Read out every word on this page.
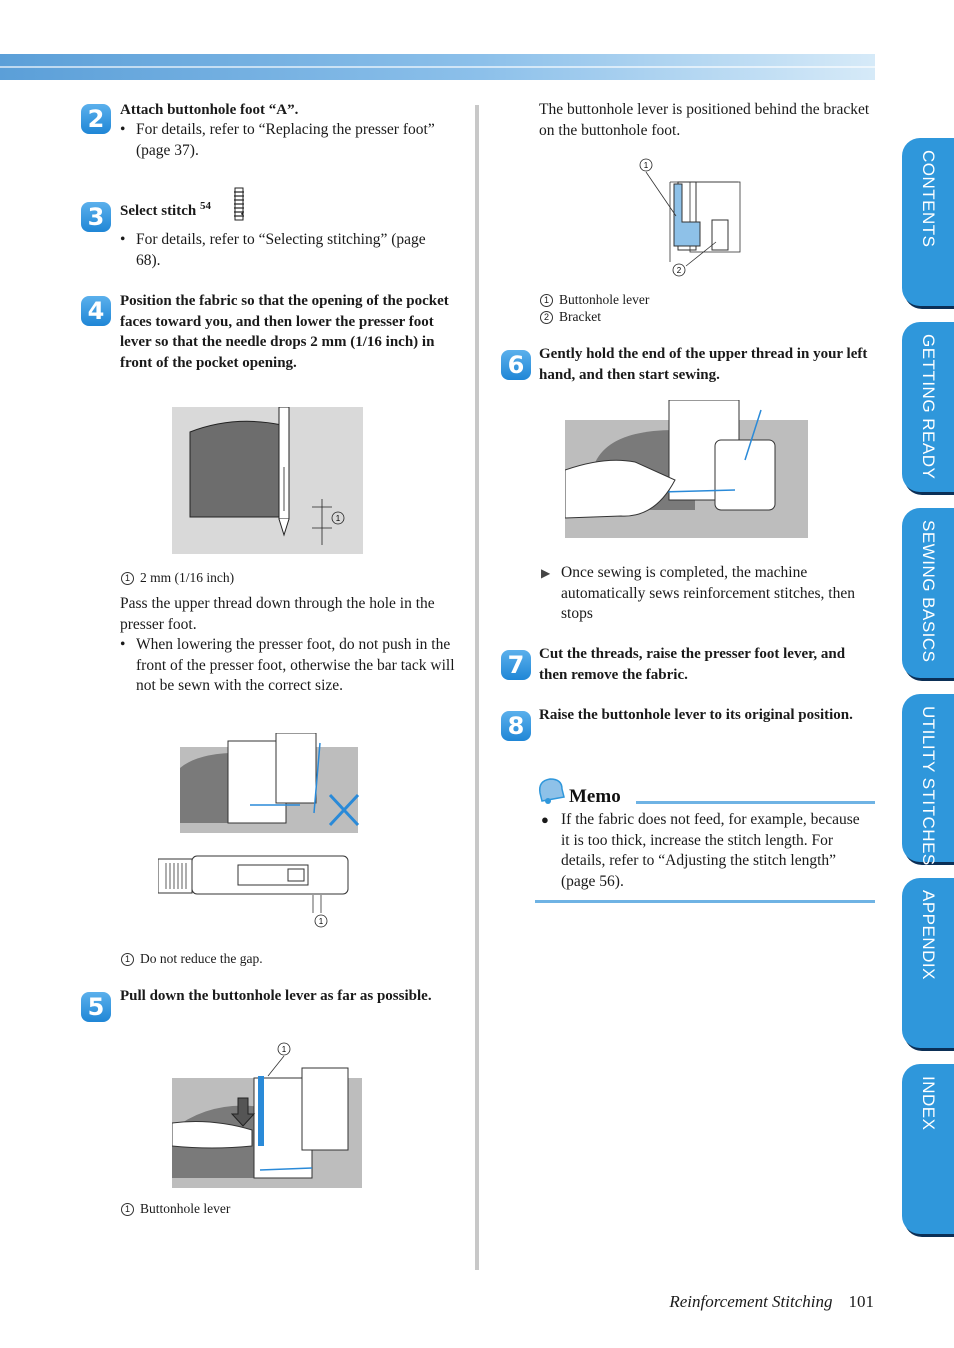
2	Attach buttonhole foot “A”.
• For details, refer to “Replacing the presser foot” (page 37).
3	Select stitch $^{54}$ .
• For details, refer to “Selecting stitching” (page 68).
4	Position the fabric so that the opening of the pocket faces toward you, and then lower the presser foot lever so that the needle drops 2 mm (1/16 inch) in front of the pocket opening.
1
1 2 mm (1/16 inch)
Pass the upper thread down through the hole in the presser foot.
• When lowering the presser foot, do not push in the front of the presser foot, otherwise the bar tack will not be sewn with the correct size.
1
1 Do not reduce the gap.
5	Pull down the buttonhole lever as far as possible.
1
1 Buttonhole lever
The buttonhole lever is positioned behind the bracket on the buttonhole foot.
1
2
1 Buttonhole lever
2 Bracket
6 Gently hold the end of the upper thread in your left hand, and then start sewing.
▶ Once sewing is completed, the machine automatically sews reinforcement stitches, then stops
7 Cut the threads, raise the presser foot lever, and then remove the fabric.
8 Raise the buttonhole lever to its original position.
Memo
● If the fabric does not feed, for example, because it is too thick, increase the stitch length. For details, refer to “Adjusting the stitch length” (page 56).
CONTENTS
GETTING READY
SEWING BASICS
UTILITY STITCHES
APPENDIX
INDEX
Reinforcement Stitching 101
